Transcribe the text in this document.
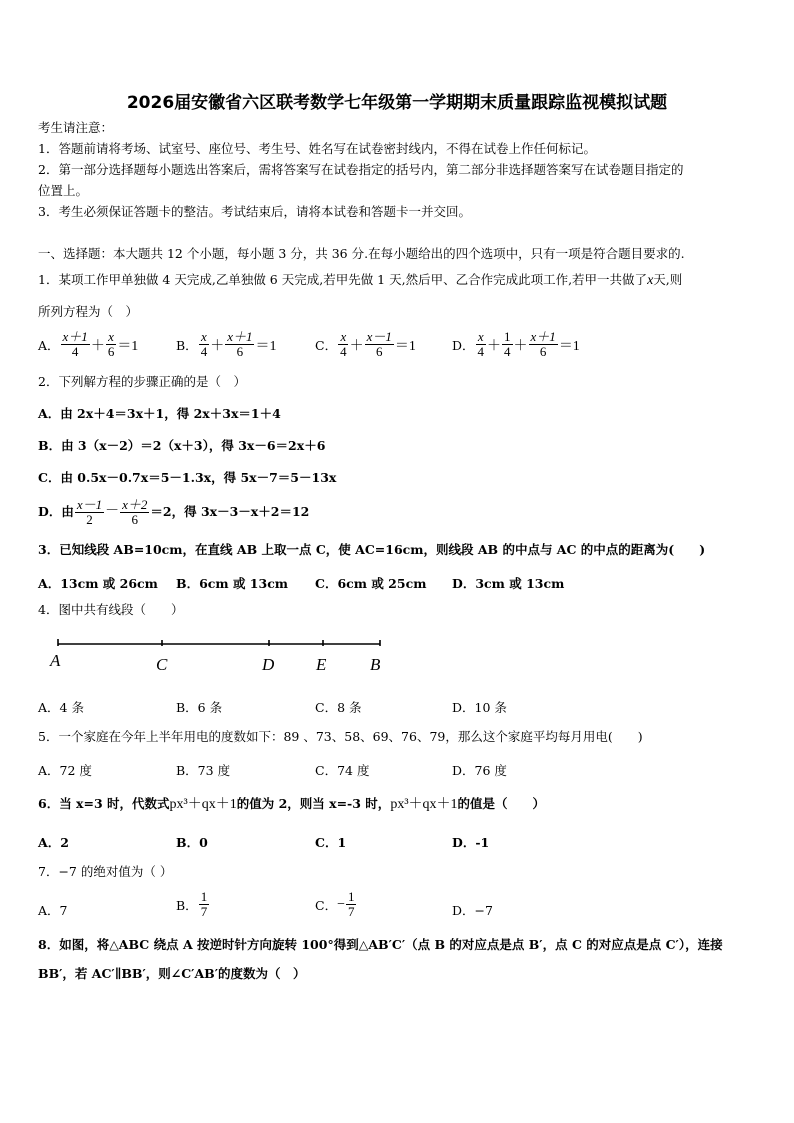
2026届安徽省六区联考数学七年级第一学期期末质量跟踪监视模拟试题
考生请注意：
1．答题前请将考场、试室号、座位号、考生号、姓名写在试卷密封线内，不得在试卷上作任何标记。
2．第一部分选择题每小题选出答案后，需将答案写在试卷指定的括号内，第二部分非选择题答案写在试卷题目指定的
位置上。
3．考生必须保证答题卡的整洁。考试结束后，请将本试卷和答题卡一并交回。
一、选择题：本大题共 12 个小题，每小题 3 分，共 36 分.在每小题给出的四个选项中，只有一项是符合题目要求的.
1．某项工作甲单独做 4 天完成,乙单独做 6 天完成,若甲先做 1 天,然后甲、乙合作完成此项工作,若甲一共做了x天,则
所列方程为（　）
A． $\frac{x+1}{4} + \frac{x}{6} =1$	B． $\frac{x}{4} + \frac{x+1}{6} =1$	C． $\frac{x}{4} + \frac{x-1}{6} =1$	D． $\frac{x}{4} + \frac{1}{4} + \frac{x+1}{6} =1$
2．下列解方程的步骤正确的是（　）
A．由 2x＋4＝3x＋1，得 2x＋3x＝1＋4
B．由 3（x－2）＝2（x＋3），得 3x－6＝2x＋6
C．由 0.5x－0.7x＝5－1.3x，得 5x－7＝5－13x
D．由 $\frac{x-1}{2} - \frac{x+2}{6} =2$，得 3x－3－x＋2＝12
3．已知线段 AB=10cm，在直线 AB 上取一点 C，使 AC=16cm，则线段 AB 的中点与 AC 的中点的距离为(　　)
A．13cm 或 26cm B．6cm 或 13cm C．6cm 或 25cm D．3cm 或 13cm
4．图中共有线段（　　）
A	C	D E	B
A．4 条	B．6 条	C．8 条	D．10 条
5．一个家庭在今年上半年用电的度数如下：89 、73、58、69、76、79，那么这个家庭平均每月用电(　　)
A．72 度	B．73 度	C．74 度	D．76 度
6．当 x=3 时，代数式px³＋qx＋1的值为 2，则当 x=-3 时，px³＋qx＋1的值是（　　）
A．2	B．0	C．1	D．-1
7．−7 的绝对值为（ ）
A．7	B． $\frac{1}{7}$	C． − $\frac{1}{7}$	D．−7
8．如图，将△ABC 绕点 A 按逆时针方向旋转 100°得到△AB′C′（点 B 的对应点是点 B′，点 C 的对应点是点 C′），连接
BB′，若 AC′∥BB′，则∠C′AB′的度数为（　）
